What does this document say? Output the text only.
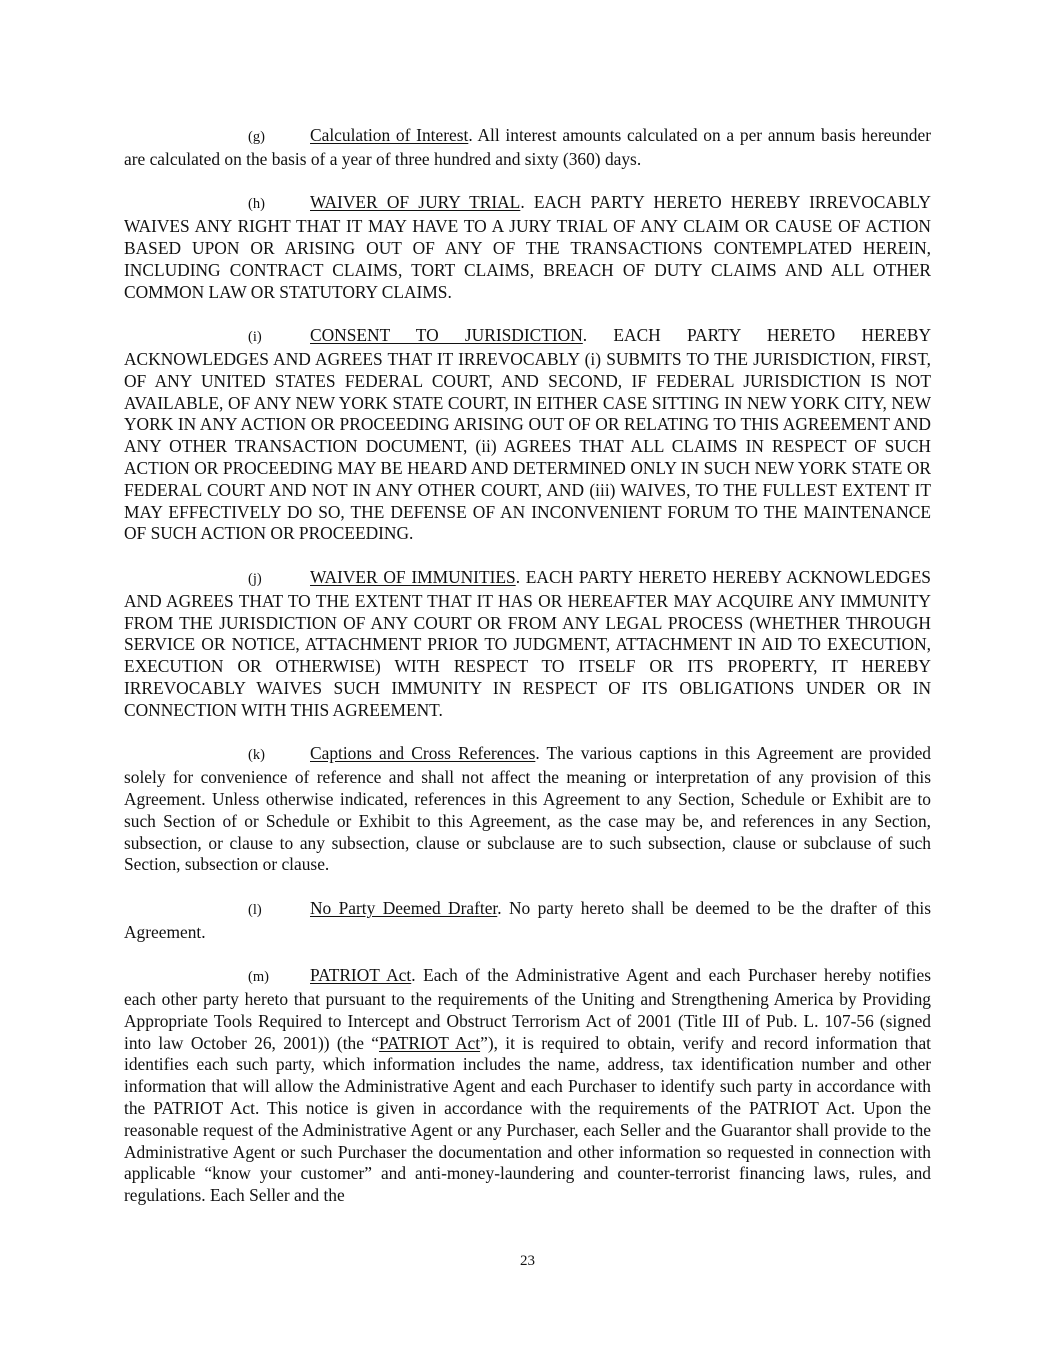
(g)	Calculation of Interest. All interest amounts calculated on a per annum basis hereunder are calculated on the basis of a year of three hundred and sixty (360) days.

(h)	WAIVER OF JURY TRIAL. EACH PARTY HERETO HEREBY IRREVOCABLY WAIVES ANY RIGHT THAT IT MAY HAVE TO A JURY TRIAL OF ANY CLAIM OR CAUSE OF ACTION BASED UPON OR ARISING OUT OF ANY OF THE TRANSACTIONS CONTEMPLATED HEREIN, INCLUDING CONTRACT CLAIMS, TORT CLAIMS, BREACH OF DUTY CLAIMS AND ALL OTHER COMMON LAW OR STATUTORY CLAIMS.

(i)	CONSENT TO JURISDICTION. EACH PARTY HERETO HEREBY ACKNOWLEDGES AND AGREES THAT IT IRREVOCABLY (i) SUBMITS TO THE JURISDICTION, FIRST, OF ANY UNITED STATES FEDERAL COURT, AND SECOND, IF FEDERAL JURISDICTION IS NOT AVAILABLE, OF ANY NEW YORK STATE COURT, IN EITHER CASE SITTING IN NEW YORK CITY, NEW YORK IN ANY ACTION OR PROCEEDING ARISING OUT OF OR RELATING TO THIS AGREEMENT AND ANY OTHER TRANSACTION DOCUMENT, (ii) AGREES THAT ALL CLAIMS IN RESPECT OF SUCH ACTION OR PROCEEDING MAY BE HEARD AND DETERMINED ONLY IN SUCH NEW YORK STATE OR FEDERAL COURT AND NOT IN ANY OTHER COURT, AND (iii) WAIVES, TO THE FULLEST EXTENT IT MAY EFFECTIVELY DO SO, THE DEFENSE OF AN INCONVENIENT FORUM TO THE MAINTENANCE OF SUCH ACTION OR PROCEEDING.

(j)	WAIVER OF IMMUNITIES. EACH PARTY HERETO HEREBY ACKNOWLEDGES AND AGREES THAT TO THE EXTENT THAT IT HAS OR HEREAFTER MAY ACQUIRE ANY IMMUNITY FROM THE JURISDICTION OF ANY COURT OR FROM ANY LEGAL PROCESS (WHETHER THROUGH SERVICE OR NOTICE, ATTACHMENT PRIOR TO JUDGMENT, ATTACHMENT IN AID TO EXECUTION, EXECUTION OR OTHERWISE) WITH RESPECT TO ITSELF OR ITS PROPERTY, IT HEREBY IRREVOCABLY WAIVES SUCH IMMUNITY IN RESPECT OF ITS OBLIGATIONS UNDER OR IN CONNECTION WITH THIS AGREEMENT.

(k)	Captions and Cross References. The various captions in this Agreement are provided solely for convenience of reference and shall not affect the meaning or interpretation of any provision of this Agreement. Unless otherwise indicated, references in this Agreement to any Section, Schedule or Exhibit are to such Section of or Schedule or Exhibit to this Agreement, as the case may be, and references in any Section, subsection, or clause to any subsection, clause or subclause are to such subsection, clause or subclause of such Section, subsection or clause.

(l)	No Party Deemed Drafter. No party hereto shall be deemed to be the drafter of this Agreement.

(m) PATRIOT Act. Each of the Administrative Agent and each Purchaser hereby notifies each other party hereto that pursuant to the requirements of the Uniting and Strengthening America by Providing Appropriate Tools Required to Intercept and Obstruct Terrorism Act of 2001 (Title III of Pub. L. 107-56 (signed into law October 26, 2001)) (the “PATRIOT Act”), it is required to obtain, verify and record information that identifies each such party, which information includes the name, address, tax identification number and other information that will allow the Administrative Agent and each Purchaser to identify such party in accordance with the PATRIOT Act. This notice is given in accordance with the requirements of the PATRIOT Act. Upon the reasonable request of the Administrative Agent or any Purchaser, each Seller and the Guarantor shall provide to the Administrative Agent or such Purchaser the documentation and other information so requested in connection with applicable “know your customer” and anti-money-laundering and counter-terrorist financing laws, rules, and regulations. Each Seller and the

23
